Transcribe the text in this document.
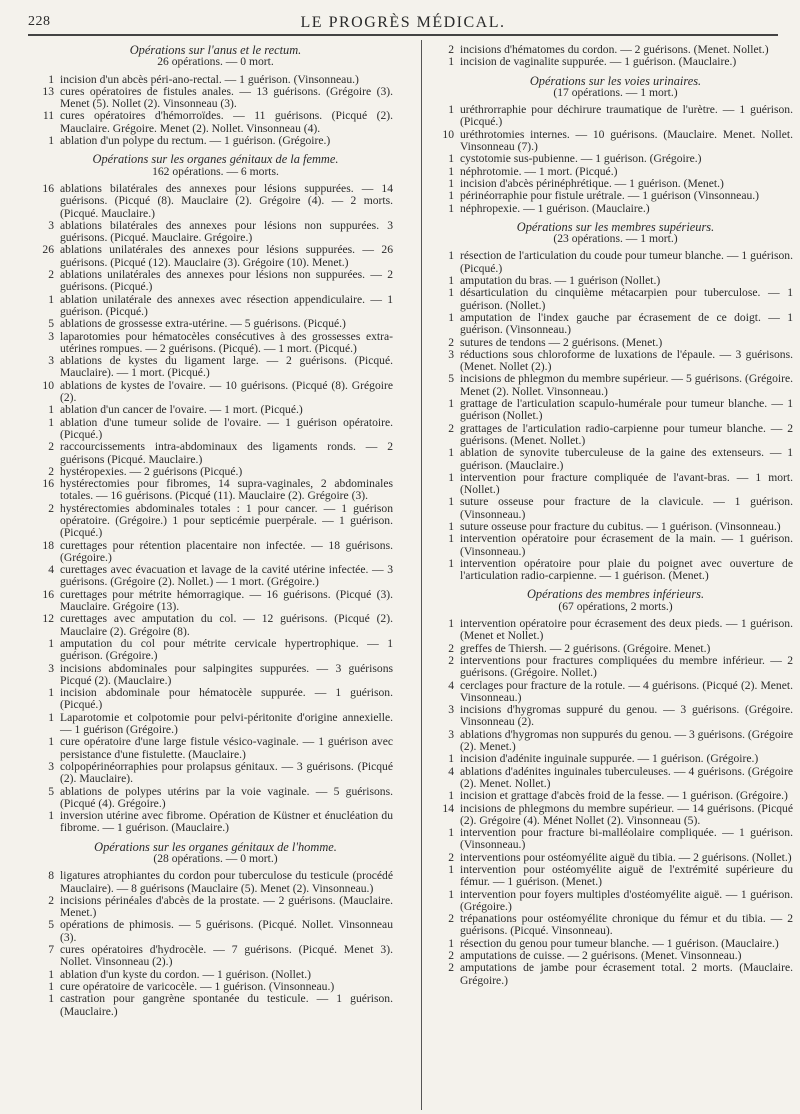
228	LE PROGRÈS MÉDICAL.
Opérations sur l'anus et le rectum.
26 opérations. — 0 mort.
1 incision d'un abcès péri-ano-rectal. — 1 guérison. (Vinsonneau.)
13 cures opératoires de fistules anales. — 13 guérisons. (Grégoire (3). Menet (5). Nollet (2). Vinsonneau (3).
11 cures opératoires d'hémorroïdes. — 11 guérisons. (Picqué (2). Mauclaire. Grégoire. Menet (2). Nollet. Vinsonneau (4).
1 ablation d'un polype du rectum. — 1 guérison. (Grégoire.)
Opérations sur les organes génitaux de la femme.
162 opérations. — 6 morts.
16 ablations bilatérales des annexes pour lésions suppurées. — 14 guérisons. (Picqué (8). Mauclaire (2). Grégoire (4). — 2 morts. (Picqué. Mauclaire.)
3 ablations bilatérales des annexes pour lésions non suppurées. 3 guérisons. (Picqué. Mauclaire. Grégoire.)
26 ablations unilatérales des annexes pour lésions suppurées. — 26 guérisons. (Picqué (12). Mauclaire (3). Grégoire (10). Menet.)
2 ablations unilatérales des annexes pour lésions non suppurées. — 2 guérisons. (Picqué.)
1 ablation unilatérale des annexes avec résection appendiculaire. — 1 guérison. (Picqué.)
5 ablations de grossesse extra-utérine. — 5 guérisons. (Picqué.)
3 laparotomies pour hématocèles consécutives à des grossesses extra-utérines rompues. — 2 guérisons. (Picqué). — 1 mort. (Picqué.)
3 ablations de kystes du ligament large. — 2 guérisons. (Picqué. Mauclaire). — 1 mort. (Picqué.)
10 ablations de kystes de l'ovaire. — 10 guérisons. (Picqué (8). Grégoire (2).
1 ablation d'un cancer de l'ovaire. — 1 mort. (Picqué.)
1 ablation d'une tumeur solide de l'ovaire. — 1 guérison opératoire. (Picqué.)
2 raccourcissements intra-abdominaux des ligaments ronds. — 2 guérisons (Picqué. Mauclaire.)
2 hystéropexies. — 2 guérisons (Picqué.)
16 hystérectomies pour fibromes, 14 supra-vaginales, 2 abdominales totales. — 16 guérisons. (Picqué (11). Mauclaire (2). Grégoire (3).
2 hystérectomies abdominales totales : 1 pour cancer. — 1 guérison opératoire. (Grégoire.) 1 pour septicémie puerpérale. — 1 guérison. (Picqué.)
18 curettages pour rétention placentaire non infectée. — 18 guérisons. (Grégoire.)
4 curettages avec évacuation et lavage de la cavité utérine infectée. — 3 guérisons. (Grégoire (2). Nollet.) — 1 mort. (Grégoire.)
16 curettages pour métrite hémorragique. — 16 guérisons. (Picqué (3). Mauclaire. Grégoire (13).
12 curettages avec amputation du col. — 12 guérisons. (Picqué (2). Mauclaire (2). Grégoire (8).
1 amputation du col pour métrite cervicale hypertrophique. — 1 guérison. (Grégoire.)
3 incisions abdominales pour salpingites suppurées. — 3 guérisons Picqué (2). (Mauclaire.)
1 incision abdominale pour hématocèle suppurée. — 1 guérison. (Picqué.)
1 Laparotomie et colpotomie pour pelvi-péritonite d'origine annexielle. — 1 guérison (Grégoire.)
1 cure opératoire d'une large fistule vésico-vaginale. — 1 guérison avec persistance d'une fistulette. (Mauclaire.)
3 colpopérinéorraphies pour prolapsus génitaux. — 3 guérisons. (Picqué (2). Mauclaire).
5 ablations de polypes utérins par la voie vaginale. — 5 guérisons. (Picqué (4). Grégoire.)
1 inversion utérine avec fibrome. Opération de Küstner et énucléation du fibrome. — 1 guérison. (Mauclaire.)
Opérations sur les organes génitaux de l'homme.
(28 opérations. — 0 mort.)
8 ligatures atrophiantes du cordon pour tuberculose du testicule (procédé Mauclaire). — 8 guérisons (Mauclaire (5). Menet (2). Vinsonneau.)
2 incisions périnéales d'abcès de la prostate. — 2 guérisons. (Mauclaire. Menet.)
5 opérations de phimosis. — 5 guérisons. (Picqué. Nollet. Vinsonneau (3).
7 cures opératoires d'hydrocèle. — 7 guérisons. (Picqué. Menet 3). Nollet. Vinsonneau (2).)
1 ablation d'un kyste du cordon. — 1 guérison. (Nollet.)
1 cure opératoire de varicocèle. — 1 guérison. (Vinsonneau.)
1 castration pour gangrène spontanée du testicule. — 1 guérison. (Mauclaire.)
2 incisions d'hématomes du cordon. — 2 guérisons. (Menet. Nollet.)
1 incision de vaginalite suppurée. — 1 guérison. (Mauclaire.)
Opérations sur les voies urinaires.
(17 opérations. — 1 mort.)
1 uréthrorraphie pour déchirure traumatique de l'urètre. — 1 guérison. (Picqué.)
10 uréthrotomies internes. — 10 guérisons. (Mauclaire. Menet. Nollet. Vinsonneau (7).)
1 cystotomie sus-pubienne. — 1 guérison. (Grégoire.)
1 néphrotomie. — 1 mort. (Picqué.)
1 incision d'abcès périnéphrétique. — 1 guérison. (Menet.)
1 périnéorraphie pour fistule urétrale. — 1 guérison (Vinsonneau.)
1 néphropexie. — 1 guérison. (Mauclaire.)
Opérations sur les membres supérieurs.
(23 opérations. — 1 mort.)
1 résection de l'articulation du coude pour tumeur blanche. — 1 guérison. (Picqué.)
1 amputation du bras. — 1 guérison (Nollet.)
1 désarticulation du cinquième métacarpien pour tuberculose. — 1 guérison. (Nollet.)
1 amputation de l'index gauche par écrasement de ce doigt. — 1 guérison. (Vinsonneau.)
2 sutures de tendons — 2 guérisons. (Menet.)
3 réductions sous chloroforme de luxations de l'épaule. — 3 guérisons. (Menet. Nollet (2).)
5 incisions de phlegmon du membre supérieur. — 5 guérisons. (Grégoire. Menet (2). Nollet. Vinsonneau.)
1 grattage de l'articulation scapulo-humérale pour tumeur blanche. — 1 guérison (Nollet.)
2 grattages de l'articulation radio-carpienne pour tumeur blanche. — 2 guérisons. (Menet. Nollet.)
1 ablation de synovite tuberculeuse de la gaine des extenseurs. — 1 guérison. (Mauclaire.)
1 intervention pour fracture compliquée de l'avant-bras. — 1 mort. (Nollet.)
1 suture osseuse pour fracture de la clavicule. — 1 guérison. (Vinsonneau.)
1 suture osseuse pour fracture du cubitus. — 1 guérison. (Vinsonneau.)
1 intervention opératoire pour écrasement de la main. — 1 guérison. (Vinsonneau.)
1 intervention opératoire pour plaie du poignet avec ouverture de l'articulation radio-carpienne. — 1 guérison. (Menet.)
Opérations des membres inférieurs.
(67 opérations, 2 morts.)
1 intervention opératoire pour écrasement des deux pieds. — 1 guérison. (Menet et Nollet.)
2 greffes de Thiersh. — 2 guérisons. (Grégoire. Menet.)
2 interventions pour fractures compliquées du membre inférieur. — 2 guérisons. (Grégoire. Nollet.)
4 cerclages pour fracture de la rotule. — 4 guérisons. (Picqué (2). Menet. Vinsonneau.)
3 incisions d'hygromas suppuré du genou. — 3 guérisons. (Grégoire. Vinsonneau (2).
3 ablations d'hygromas non suppurés du genou. — 3 guérisons. (Grégoire (2). Menet.)
1 incision d'adénite inguinale suppurée. — 1 guérison. (Grégoire.)
4 ablations d'adénites inguinales tuberculeuses. — 4 guérisons. (Grégoire (2). Menet. Nollet.)
1 incision et grattage d'abcès froid de la fesse. — 1 guérison. (Grégoire.)
14 incisions de phlegmons du membre supérieur. — 14 guérisons. (Picqué (2). Grégoire (4). Ménet Nollet (2). Vinsonneau (5).
1 intervention pour fracture bi-malléolaire compliquée. — 1 guérison. (Vinsonneau.)
2 interventions pour ostéomyélite aiguë du tibia. — 2 guérisons. (Nollet.)
1 intervention pour ostéomyélite aiguë de l'extrémité supérieure du fémur. — 1 guérison. (Menet.)
1 intervention pour foyers multiples d'ostéomyélite aiguë. — 1 guérison. (Grégoire.)
2 trépanations pour ostéomyélite chronique du fémur et du tibia. — 2 guérisons. (Picqué. Vinsonneau).
1 résection du genou pour tumeur blanche. — 1 guérison. (Mauclaire.)
2 amputations de cuisse. — 2 guérisons. (Menet. Vinsonneau.)
2 amputations de jambe pour écrasement total. 2 morts. (Mauclaire. Grégoire.)
